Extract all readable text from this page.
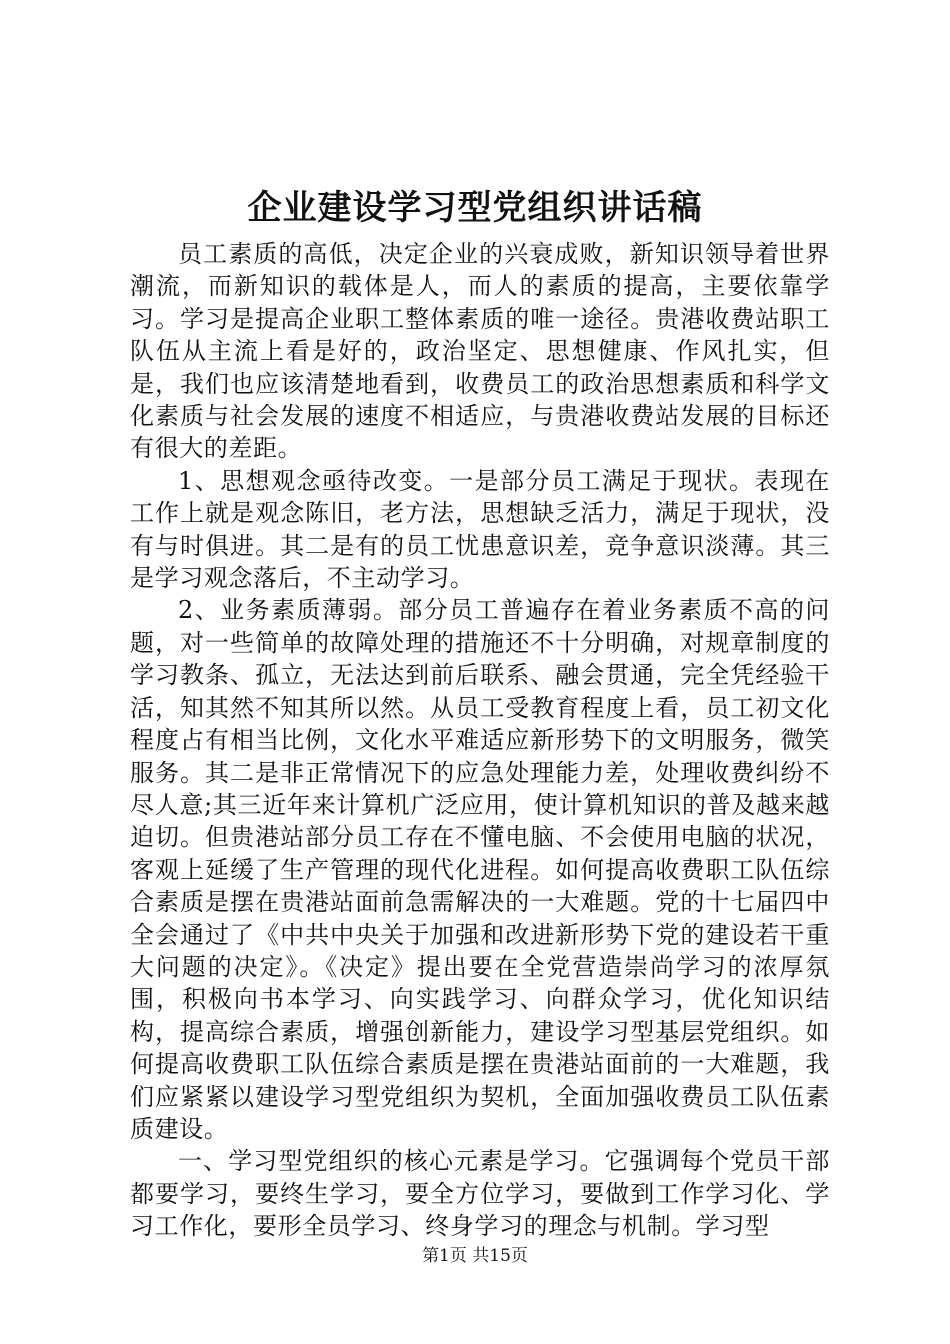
企业建设学习型党组织讲话稿

员工素质的高低，决定企业的兴衰成败，新知识领导着世界潮流，而新知识的载体是人，而人的素质的提高，主要依靠学习。学习是提高企业职工整体素质的唯一途径。贵港收费站职工队伍从主流上看是好的，政治坚定、思想健康、作风扎实，但是，我们也应该清楚地看到，收费员工的政治思想素质和科学文化素质与社会发展的速度不相适应，与贵港收费站发展的目标还有很大的差距。

1、思想观念亟待改变。一是部分员工满足于现状。表现在工作上就是观念陈旧，老方法，思想缺乏活力，满足于现状，没有与时俱进。其二是有的员工忧患意识差，竞争意识淡薄。其三是学习观念落后，不主动学习。

2、业务素质薄弱。部分员工普遍存在着业务素质不高的问题，对一些简单的故障处理的措施还不十分明确，对规章制度的学习教条、孤立，无法达到前后联系、融会贯通，完全凭经验干活，知其然不知其所以然。从员工受教育程度上看，员工初文化程度占有相当比例，文化水平难适应新形势下的文明服务，微笑服务。其二是非正常情况下的应急处理能力差，处理收费纠纷不尽人意;其三近年来计算机广泛应用，使计算机知识的普及越来越迫切。但贵港站部分员工存在不懂电脑、不会使用电脑的状况，客观上延缓了生产管理的现代化进程。如何提高收费职工队伍综合素质是摆在贵港站面前急需解决的一大难题。党的十七届四中全会通过了《中共中央关于加强和改进新形势下党的建设若干重大问题的决定》。《决定》提出要在全党营造崇尚学习的浓厚氛围，积极向书本学习、向实践学习、向群众学习，优化知识结构，提高综合素质，增强创新能力，建设学习型基层党组织。如何提高收费职工队伍综合素质是摆在贵港站面前的一大难题，我们应紧紧以建设学习型党组织为契机，全面加强收费员工队伍素质建设。

一、学习型党组织的核心元素是学习。它强调每个党员干部都要学习，要终生学习，要全方位学习，要做到工作学习化、学习工作化，要形全员学习、终身学习的理念与机制。学习型

第1页 共15页
